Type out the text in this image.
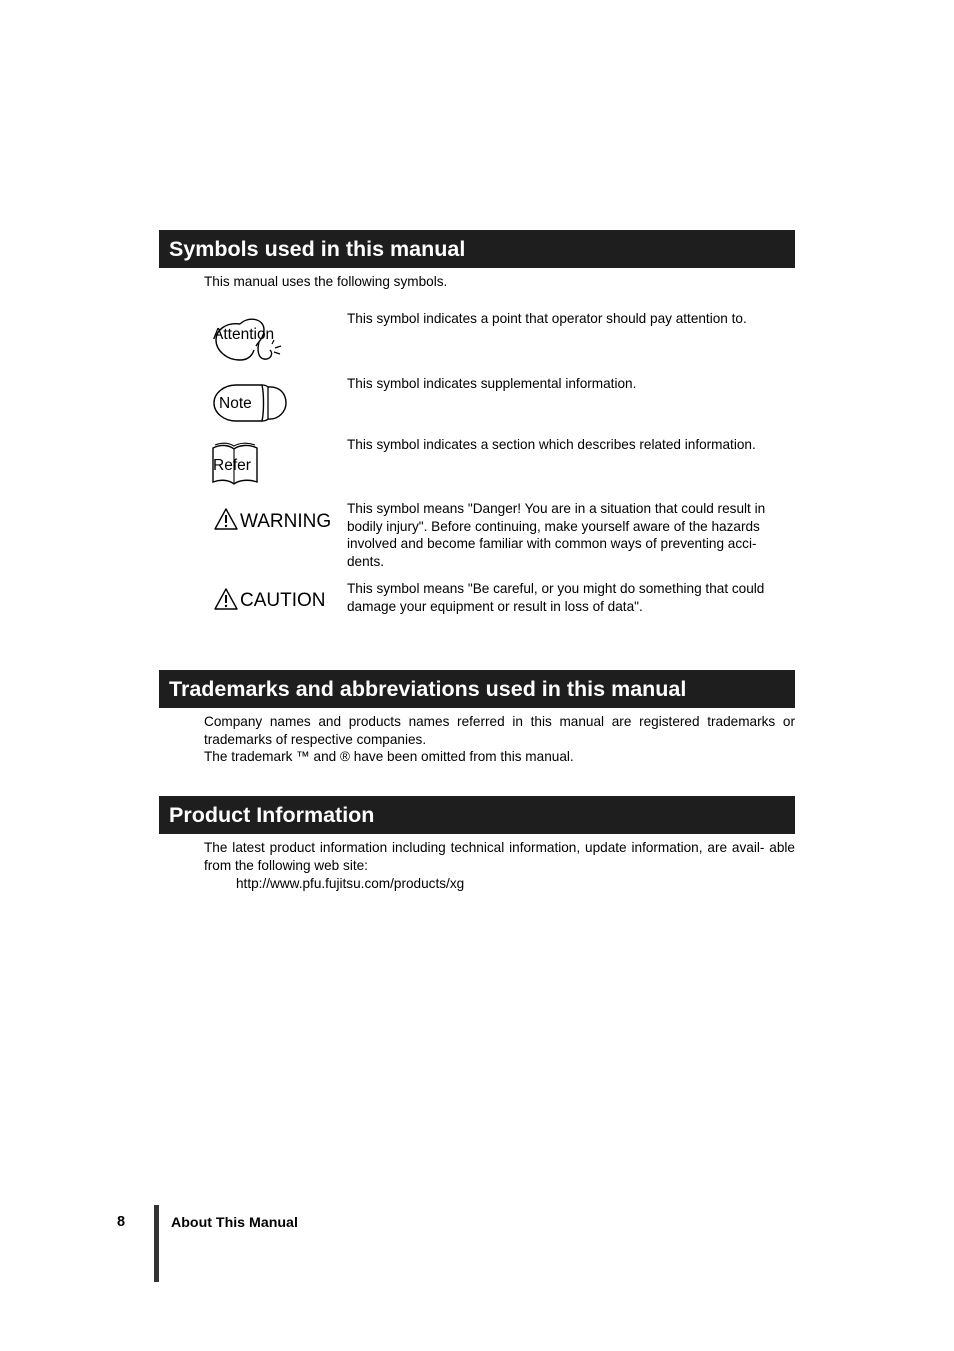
Symbols used in this manual

This manual uses the following symbols.

Attention

This symbol indicates a point that operator should pay attention to.

Note

This symbol indicates supplemental information.

Refer

This symbol indicates a section which describes related information.

WARNING

This symbol means "Danger! You are in a situation that could result in bodily injury". Before continuing, make yourself aware of the hazards involved and become familiar with common ways of preventing acci- dents.

CAUTION

This symbol means "Be careful, or you might do something that could damage your equipment or result in loss of data".

Trademarks and abbreviations used in this manual

Company names and products names referred in this manual are registered trademarks or trademarks of respective companies.

The trademark ™ and ® have been omitted from this manual.

Product Information

The latest product information including technical information, update information, are avail- able from the following web site:

http://www.pfu.fujitsu.com/products/xg

8	About This Manual
